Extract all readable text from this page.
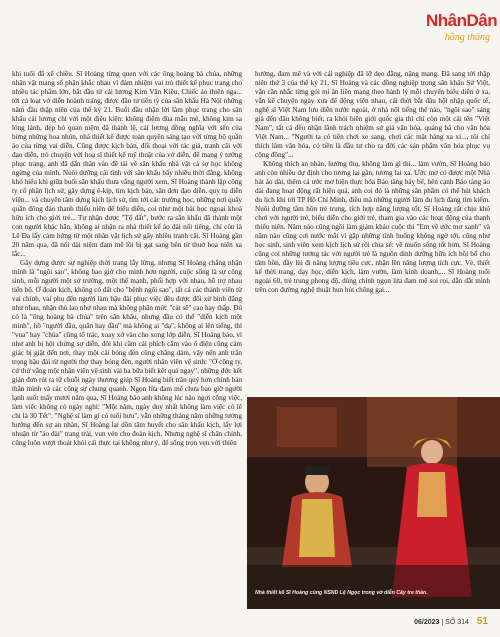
NhânDân
hằng tháng

khi tuổi đã xế chiều. Sĩ Hoàng từng quen với các ông hoàng bà chúa, những nhân vật mang số phận khắc nhau vì đảm nhiệm vai trò thiết kế phục trang cho nhiều tác phẩm lớn, bắt đầu từ cải lương Kim Vân Kiều, Chiếc áo thiên nga... tới cả loạt vở diễn hoành tráng, được đầu tư tiền tỷ của sân khấu Hà Nội những năm đầu thập niên của thế kỷ 21. Buổi đầu nhận lời làm phục trang cho sân khấu cải lương chỉ với một điều kiện: không điểm đùa mẫu mè, không kim sa lóng lánh, đẹp bó quan niệm đã thành lệ, cải lương đồng nghĩa với sến của bừng những hoa nhún, nhà thiết kế được toàn quyền sáng tạo với từng bộ quần áo của từng vai diễn. Cũng được kịch bản, đối thoại với tác giả, tranh cãi với đạo diễn, trò chuyện với hoạ sĩ thiết kế mỹ thuật của vở diễn, để mang ý tưởng phục trang, anh đã dấn thân vào đề tài về sân khấu nhà vật cả sợ học không ngừng của mình. Nuôi dưỡng cái tình với sân khấu bấy nhiêu thời đằng, không khó hiểu khi giữa buổi sân khấu thưa vắng người xem, Sĩ Hoàng thành lập công ty cổ phần lịch sử, gây dựng ê-kíp, tìm kịch bản, sân đơn đạo diễn, quy tụ diễn viên... và chuyên tâm dựng kịch lịch sử, tìm tới các trường học, những nơi quây quần đông đảo thanh thiếu niên để biểu diễn, coi như một bài học ngoại khoá hữu ích cho giới trẻ... Tự nhận được "Tố đất", bước ra sân khấu đã thành một con người khác hẳn, không ai nhận ra nhà thiết kế áo dài nổi tiếng, chỉ còn là Lê Đa lấy cảm hứng từ một nhân vật lịch sử gây nhiều tranh cãi. Sĩ Hoàng gần 20 năm qua, đã nổi dài niệm đam mê lồi bị gạt sang bên từ thuở hoa niên xa lắc...

Gây dựng được sự nghiệp thời trang lẫy lừng, nhưng Sĩ Hoàng chẳng nhận mình là "ngôi sao", không bao giờ cho mình hơn người, cuộc sống là sự công sinh, mỗi người một sở trường, một thế mạnh, phối hợp với nhau, hỗ trợ nhau tiến bộ. Ở đoàn kịch, không có đất cho "bệnh ngôi sao", tất cả các thành viên từ vai chính, vai phụ đến người làm hậu đài phục việc đều được đối xử bình đẳng như nhau, nhận thù lao như nhau mà không phân mức "cát sê" cao hay thấp. Đủ có là "ông hoàng bà chúa" trên sân khấu, nhưng đầu có thể "diễn kịch một mình", hồ "người đầu, quân hay đầu" mà không ai "dạ", không ai lên tiếng, thì "vua" hay "chúa" cũng tổ trác, xoay xở vào cho xong lớp diễn. Sĩ Hoàng bảo, vì như anh bị hội chứng sợ diễn, đôi khi cầm cái phích cắm vào ổ điện cũng cảm giác bị giật đến nơi, thay một cái bóng đèn cũng chẳng dám, vậy nên anh trân trọng hậu đài từ người thợ thay bóng đèn, người nhân viên vệ sinh: "Ở công ty, cứ thử vắng một nhân viên vệ sinh vài ba bữa biết kết quả ngay", những đức kết giản đơn rút ra từ chuỗi ngày thương giúp Sĩ Hoàng biết trân quý hơn chính bản thân mình và các cộng sự chung quanh. Ngọn lửa đam mê chưa bao giờ người lạnh suốt mấy mươi năm qua, Sĩ Hoàng bảo anh không lúc nào ngơi công việc, làm việc không có ngày nghỉ: "Một năm, ngày duy nhất không làm việc có lẽ chỉ là 30 Tết". "Nghệ sĩ làm gì có tuổi hưu", vẫn những tháng năm những tưởng hướng đến sự an nhàn, Sĩ Hoàng lại dồn tâm huyết cho sân khấu kịch, lấy lợi nhuận từ "áo dài" trang trải, vun vén cho đoàn kịch. Nhưng nghệ sĩ chân chính, cũng luôn vượt thoát khỏi cái thực tại không như ý, để sống trọn vẹn với thiên

hướng, đam mê và với cái nghiệp đã lỡ dẹo đằng, nặng mang. Đã sang tới thập niên thứ 3 của thế kỷ 21, Sĩ Hoàng và các đồng nghiệp trong sân khấu Sử Việt, vẫn cần nhắc từng gói mì ăn liền mang theo hành lý mỗi chuyến biểu diễn ở xa, vẫn kể chuyện ngày xưa để động viên nhau, cái thời bắt đầu hội nhập quốc tế, nghệ sĩ Việt Nam lưu diễn nước ngoài, ở nhà nổi tiếng thế nào, "ngôi sao" sáng giá đến đâu không biết, ra khỏi biên giới quốc gia thì chỉ còn một cái tên "Việt Nam", tất cả đều nhận lãnh trách nhiệm sứ giả văn hóa, quảng bá cho văn hóa Việt Nam... "Người ta có tiền chơi xe sang, chơi các mặt hàng xa xỉ..., tôi chỉ thích làm văn hóa, có tiền là đầu tư cho ra đời các sản phẩm văn hóa phục vụ cộng đồng"...

Không thích an nhàn, hưởng thụ, không làm gì thì... làm vườn, Sĩ Hoàng bảo anh còn nhiều dự định cho tương lai gần, tương lai xa. Ước mơ có được một Nhà hát áo dài, thêm cả ước mơ hiện thực hóa Bảo tàng bảy bể, bên cạnh Bảo tàng áo dài đang hoạt động rất hiệu quả, anh coi đó là những sân phẩm có thể hút khách du lịch khi tới TP Hồ Chí Minh, điều mà những người làm du lịch đang tìm kiếm. Nuôi dưỡng tâm hồn trẻ trung, tích hợp năng lượng tốt, Sĩ Hoàng rất chịu khó chơi với người trẻ, biểu diễn cho giới trẻ, tham gia vào các hoạt động của thanh thiếu niên. Năm nào cũng ngồi làm giám khảo cuộc thi "Em về ước mơ xanh" và năm nào cũng cơi nước mắt vì gặp những tình huống không ngờ tới, cũng như học sinh, sinh viên xem kịch lịch sử rồi chia sẻ: về muốn sống tốt hơn, Sĩ Hoàng cũng coi những tương tác với người trẻ là nguồn dinh dưỡng hữu ích bồi bổ cho tâm hồn, đầy lùi đi năng lượng tiêu cực, nhận lên năng lượng tích cực. Vẻ, thiết kế thời trang, dạy học, diễn kịch, làm vườn, làm kinh doanh,... Sĩ Hoàng tuổi ngoài 60, trẻ trung phong độ, dùng chính ngọn lửa đam mê soi rọi, dẫn dắt mình trên con đường nghệ thuật hun hút chông gai...

Nhà thiết kế Sĩ Hoàng cùng NSND Lệ Ngọc trong vở diễn Cây tre thần.
06/2023 | SỐ 314 51
